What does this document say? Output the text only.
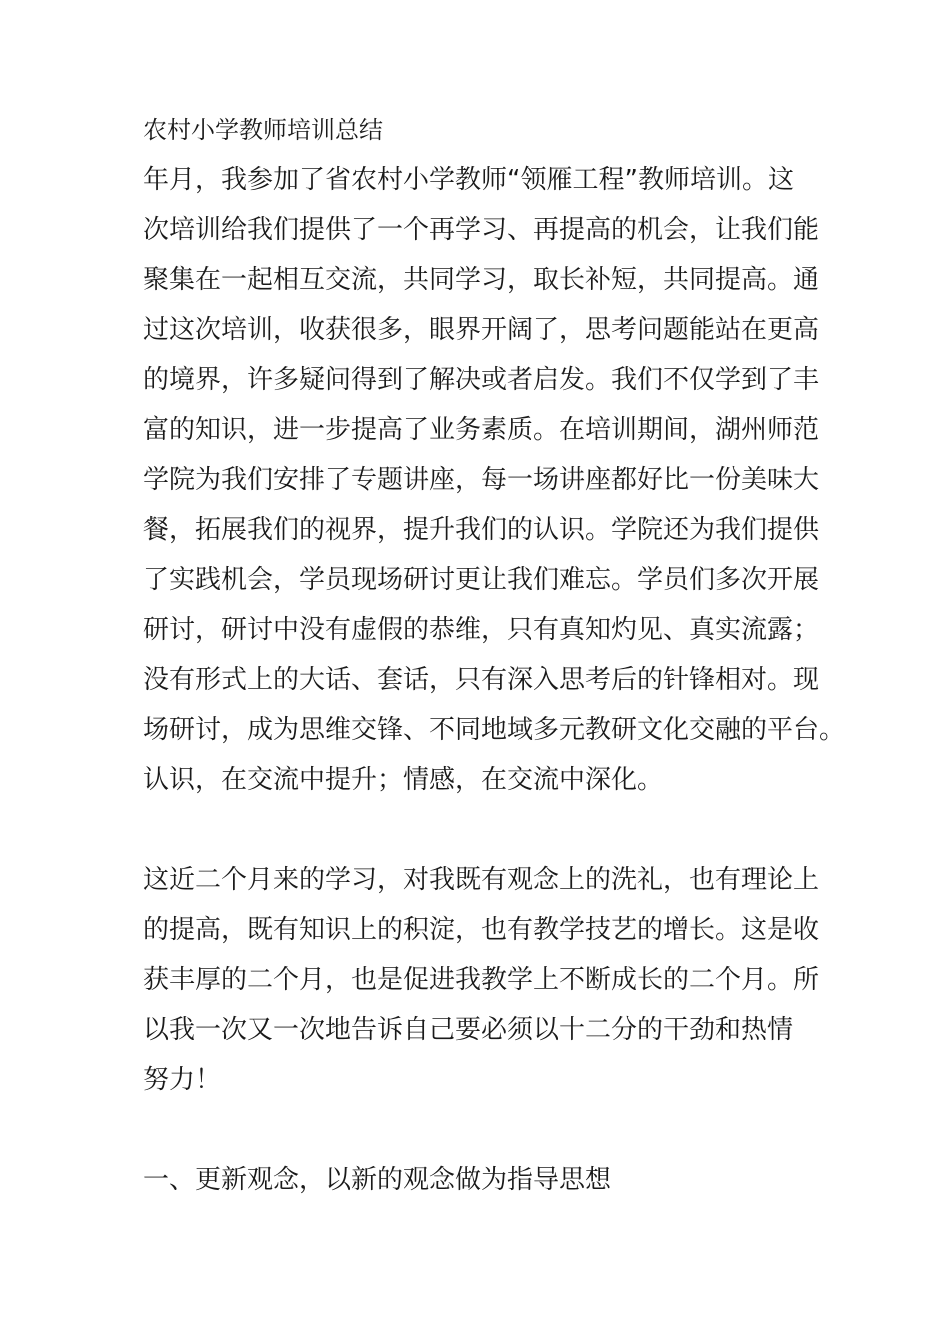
农村小学教师培训总结
年月，我参加了省农村小学教师“领雁工程”教师培训。这
次培训给我们提供了一个再学习、再提高的机会，让我们能
聚集在一起相互交流，共同学习，取长补短，共同提高。通
过这次培训，收获很多，眼界开阔了，思考问题能站在更高
的境界，许多疑问得到了解决或者启发。我们不仅学到了丰
富的知识，进一步提高了业务素质。在培训期间，湖州师范
学院为我们安排了专题讲座，每一场讲座都好比一份美味大
餐，拓展我们的视界，提升我们的认识。学院还为我们提供
了实践机会，学员现场研讨更让我们难忘。学员们多次开展
研讨，研讨中没有虚假的恭维，只有真知灼见、真实流露；
没有形式上的大话、套话，只有深入思考后的针锋相对。现
场研讨，成为思维交锋、不同地域多元教研文化交融的平台。
认识，在交流中提升；情感，在交流中深化。
这近二个月来的学习，对我既有观念上的洗礼，也有理论上
的提高，既有知识上的积淀，也有教学技艺的增长。这是收
获丰厚的二个月，也是促进我教学上不断成长的二个月。所
以我一次又一次地告诉自己要必须以十二分的干劲和热情
努力！
一、更新观念，以新的观念做为指导思想
